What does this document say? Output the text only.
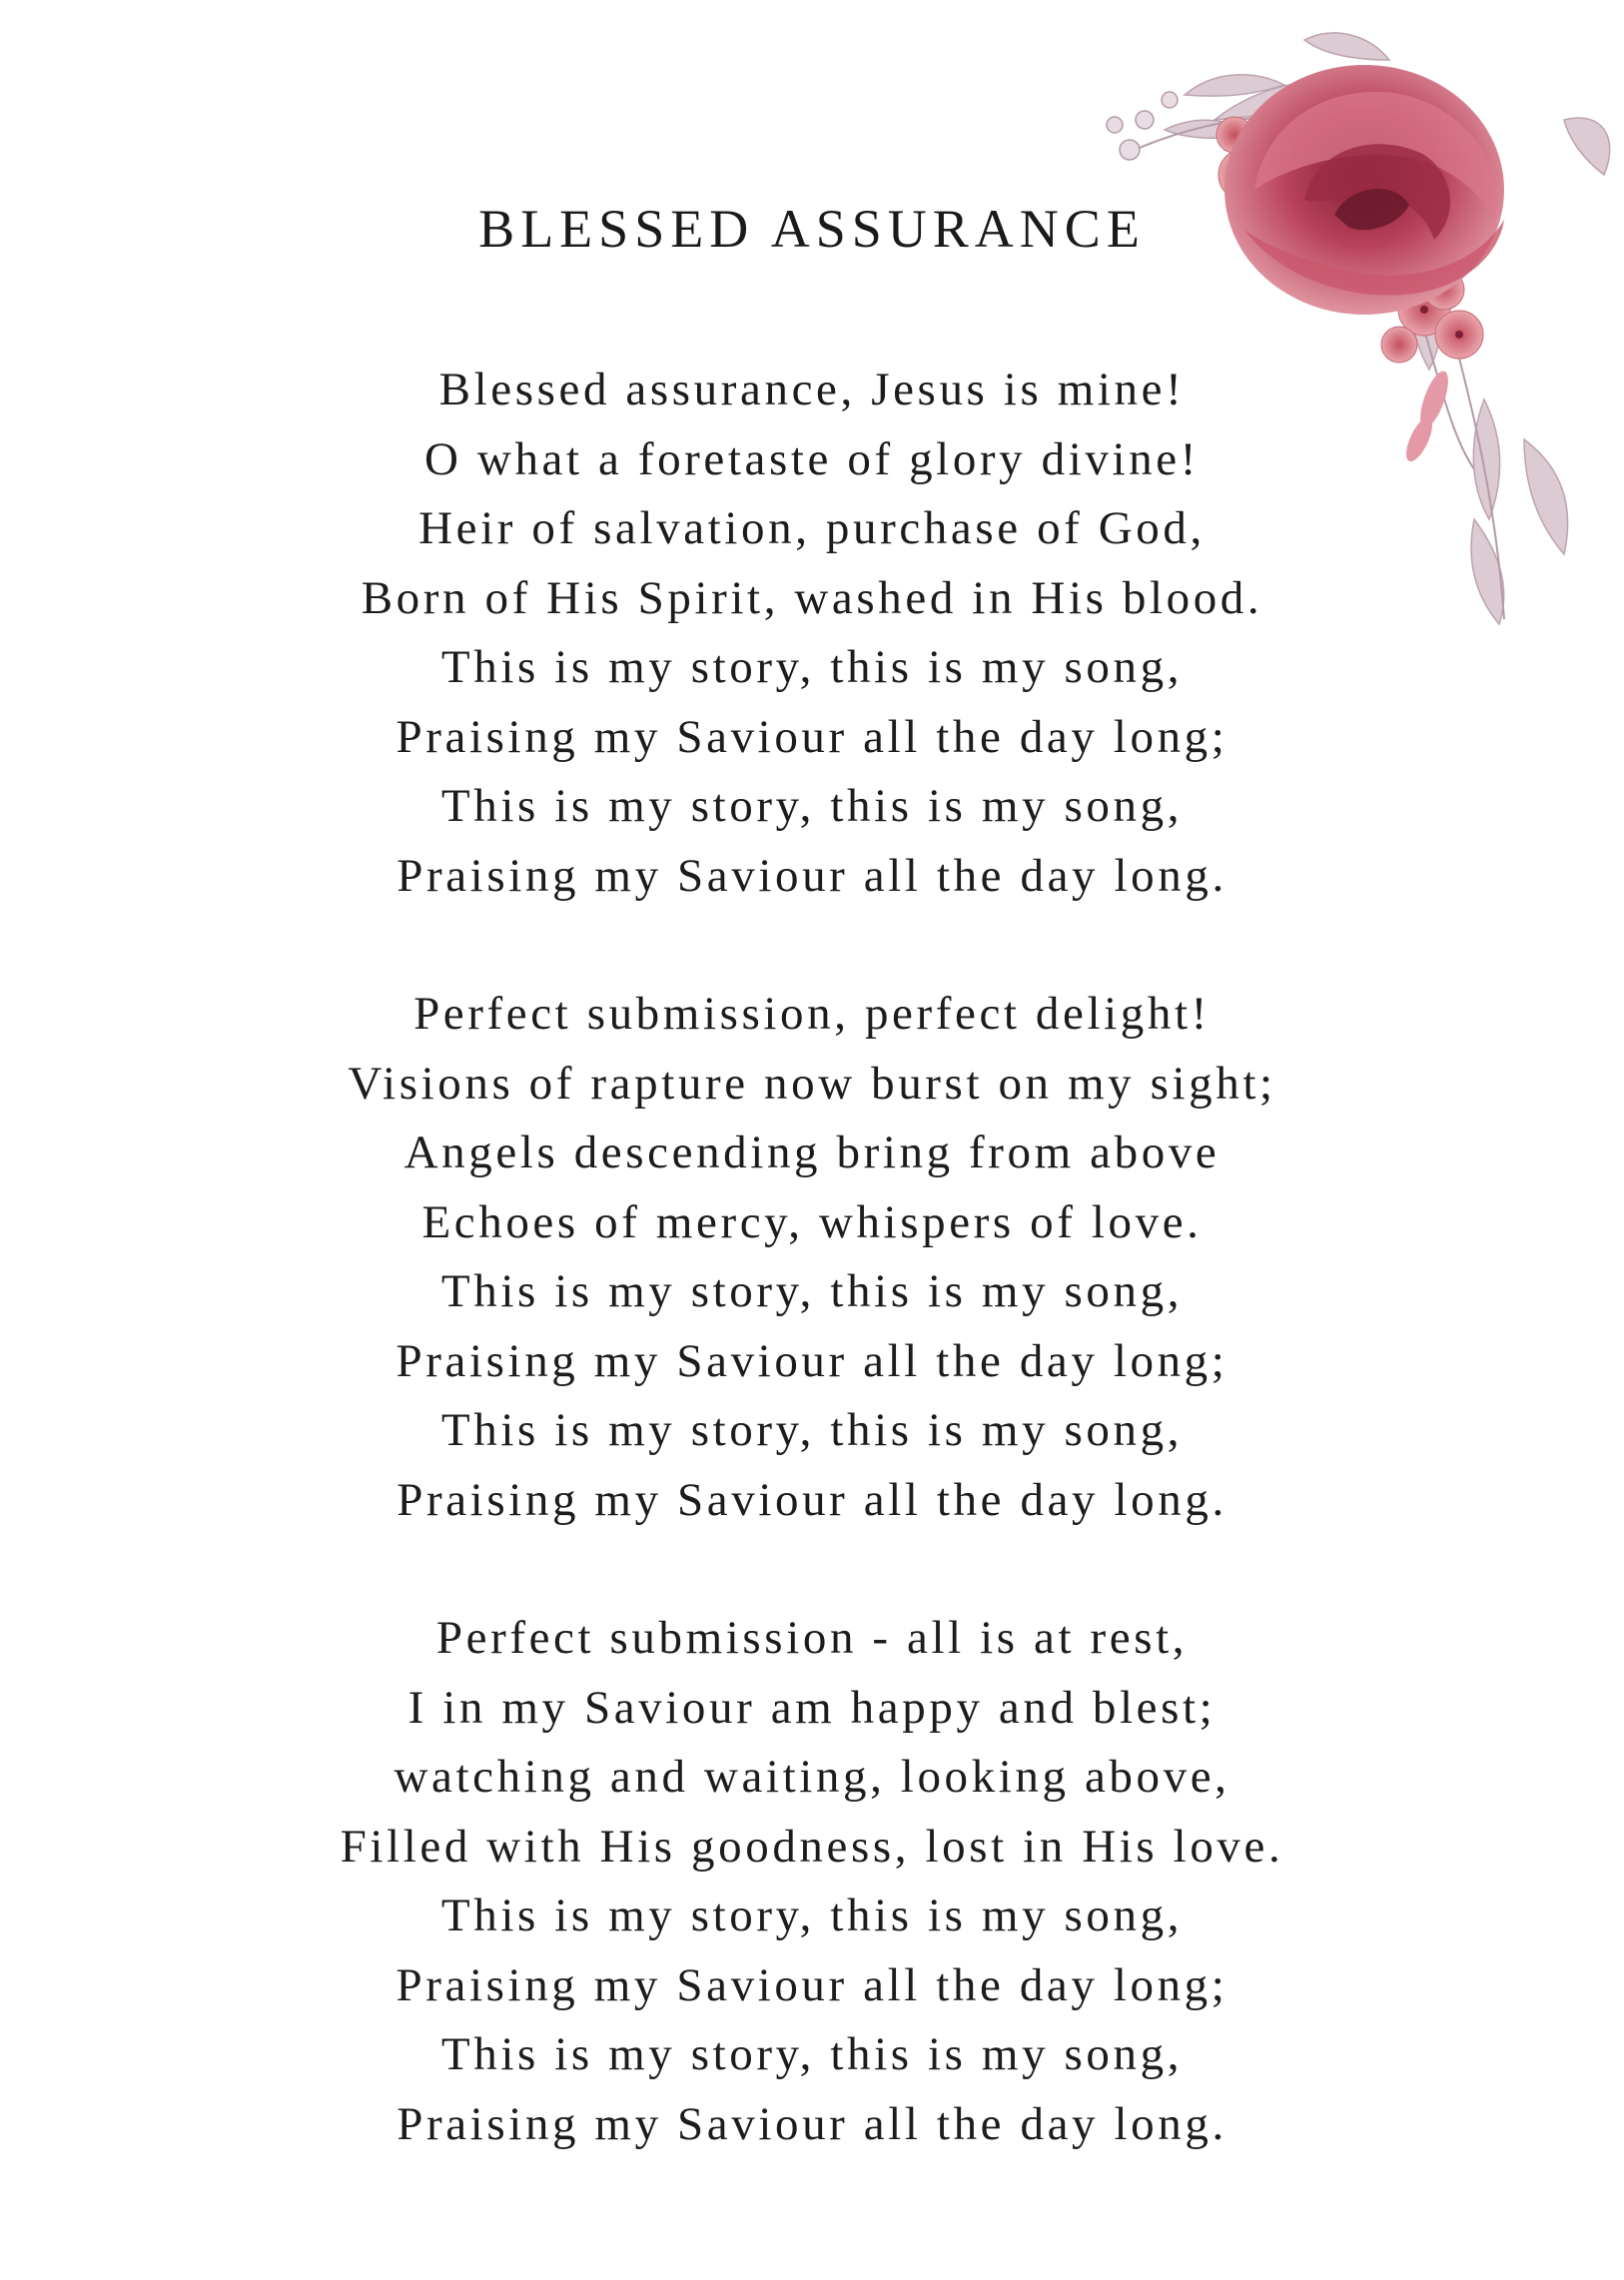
BLESSED ASSURANCE
Blessed assurance, Jesus is mine!
O what a foretaste of glory divine!
Heir of salvation, purchase of God,
Born of His Spirit, washed in His blood.
This is my story, this is my song,
Praising my Saviour all the day long;
This is my story, this is my song,
Praising my Saviour all the day long.
Perfect submission, perfect delight!
Visions of rapture now burst on my sight;
Angels descending bring from above
Echoes of mercy, whispers of love.
This is my story, this is my song,
Praising my Saviour all the day long;
This is my story, this is my song,
Praising my Saviour all the day long.
Perfect submission - all is at rest,
I in my Saviour am happy and blest;
watching and waiting, looking above,
Filled with His goodness, lost in His love.
This is my story, this is my song,
Praising my Saviour all the day long;
This is my story, this is my song,
Praising my Saviour all the day long.
